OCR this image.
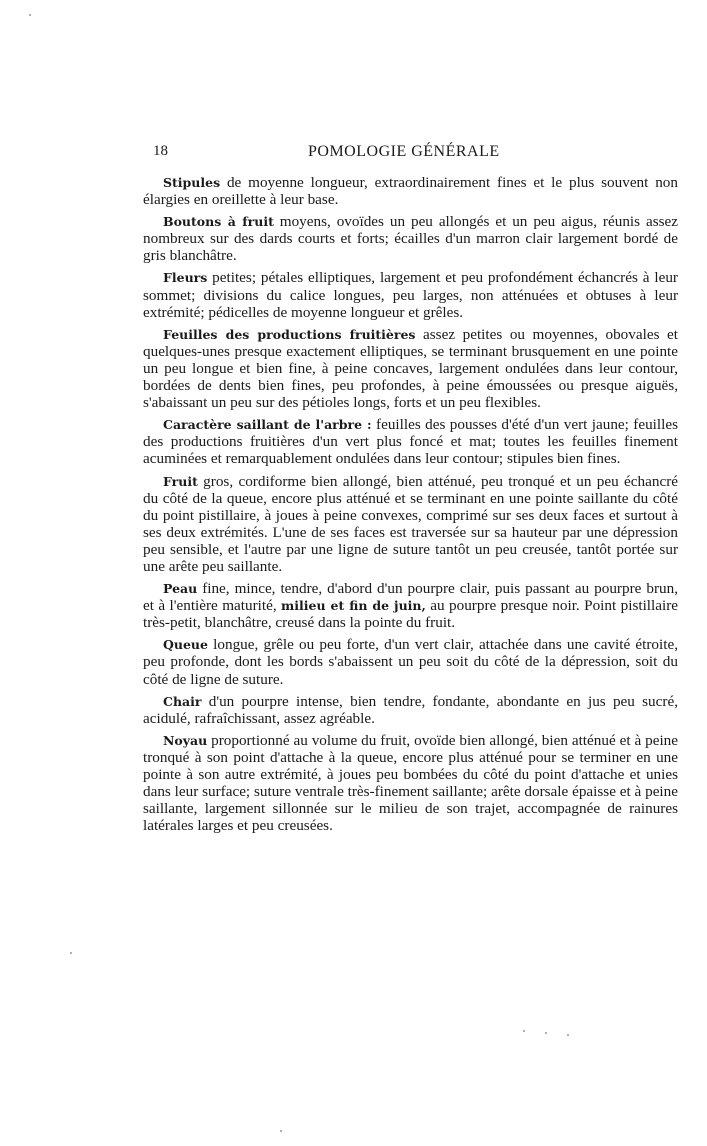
18	POMOLOGIE GÉNÉRALE

Stipules de moyenne longueur, extraordinairement fines et le plus souvent non élargies en oreillette à leur base.

Boutons à fruit moyens, ovoïdes un peu allongés et un peu aigus, réunis assez nombreux sur des dards courts et forts; écailles d'un marron clair largement bordé de gris blanchâtre.

Fleurs petites; pétales elliptiques, largement et peu profondément échancrés à leur sommet; divisions du calice longues, peu larges, non atténuées et obtuses à leur extrémité; pédicelles de moyenne longueur et grêles.

Feuilles des productions fruitières assez petites ou moyennes, obovales et quelques-unes presque exactement elliptiques, se terminant brusquement en une pointe un peu longue et bien fine, à peine concaves, largement ondulées dans leur contour, bordées de dents bien fines, peu profondes, à peine émoussées ou presque aiguës, s'abaissant un peu sur des pétioles longs, forts et un peu flexibles.

Caractère saillant de l'arbre : feuilles des pousses d'été d'un vert jaune; feuilles des productions fruitières d'un vert plus foncé et mat; toutes les feuilles finement acuminées et remarquablement ondulées dans leur contour; stipules bien fines.

Fruit gros, cordiforme bien allongé, bien atténué, peu tronqué et un peu échancré du côté de la queue, encore plus atténué et se terminant en une pointe saillante du côté du point pistillaire, à joues à peine convexes, comprimé sur ses deux faces et surtout à ses deux extrémités. L'une de ses faces est traversée sur sa hauteur par une dépression peu sensible, et l'autre par une ligne de suture tantôt un peu creusée, tantôt portée sur une arête peu saillante.

Peau fine, mince, tendre, d'abord d'un pourpre clair, puis passant au pourpre brun, et à l'entière maturité, milieu et fin de juin, au pourpre presque noir. Point pistillaire très-petit, blanchâtre, creusé dans la pointe du fruit.

Queue longue, grêle ou peu forte, d'un vert clair, attachée dans une cavité étroite, peu profonde, dont les bords s'abaissent un peu soit du côté de la dépression, soit du côté de ligne de suture.

Chair d'un pourpre intense, bien tendre, fondante, abondante en jus peu sucré, acidulé, rafraîchissant, assez agréable.

Noyau proportionné au volume du fruit, ovoïde bien allongé, bien atténué et à peine tronqué à son point d'attache à la queue, encore plus atténué pour se terminer en une pointe à son autre extrémité, à joues peu bombées du côté du point d'attache et unies dans leur surface; suture ventrale très-finement saillante; arête dorsale épaisse et à peine saillante, largement sillonnée sur le milieu de son trajet, accompagnée de rainures latérales larges et peu creusées.
